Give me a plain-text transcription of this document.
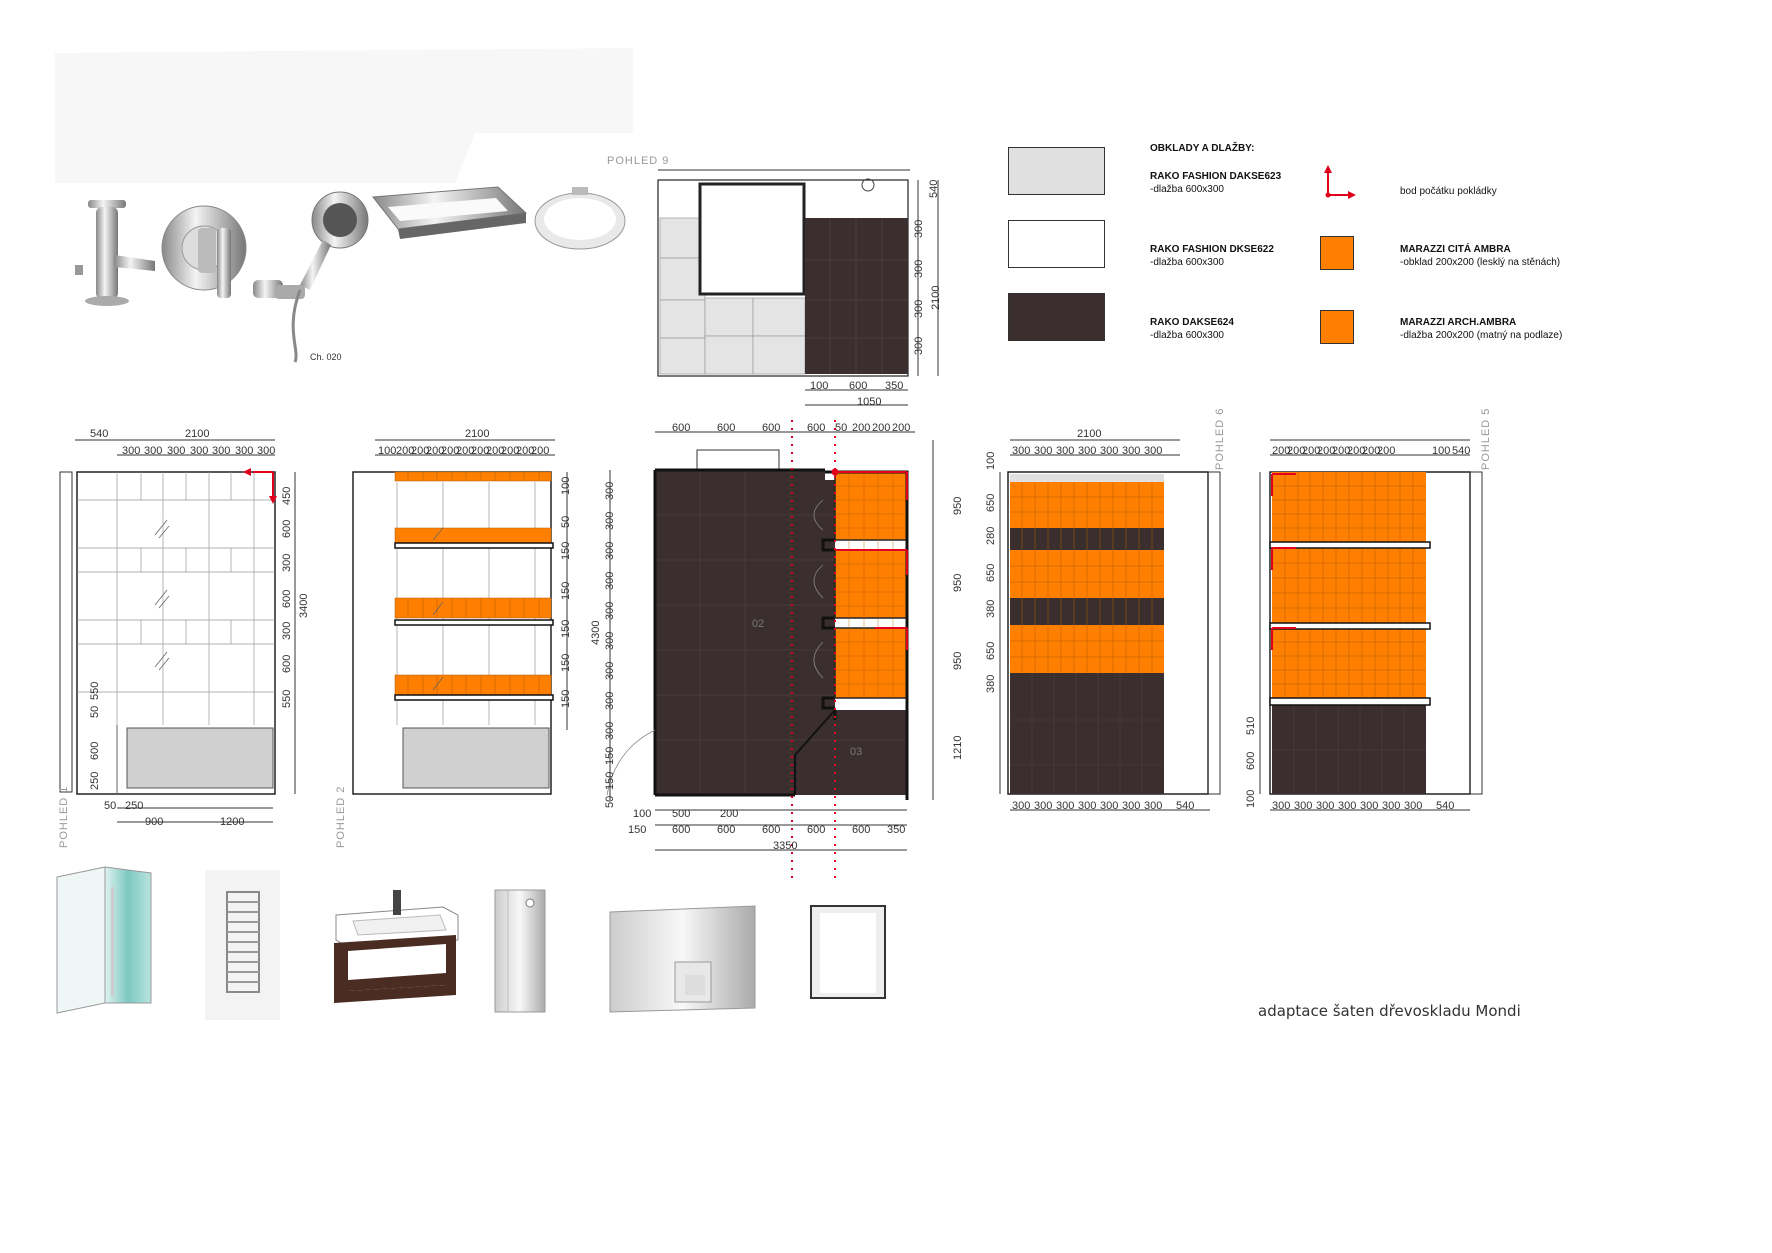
Ch. 020
POHLED 9
540
300
300
300
300
2100
100 600 350
1050
OBKLADY A DLAŽBY:
RAKO FASHION DAKSE623
-dlažba 600x300
RAKO FASHION DKSE622
-dlažba 600x300
RAKO DAKSE624
-dlažba 600x300
bod počátku pokládky
MARAZZI CITÁ AMBRA
-obklad 200x200 (lesklý na stěnách)
MARAZZI ARCH.AMBRA
-dlažba 200x200 (matný na podlaze)
540	2100
300 300 300 300 300 300 300
450
600
300
600
300
600
550
3400
550
50
600
250
50 250
900	1200
POHLED 1
2100
100 200
200
200
200
200
200
200
200
200
200
100
50
150
150
150
150
150
POHLED 2
02
03
600 600 600 600 50 200 200 200
4300
300
300
300
300
300
300
300
300
300
150
150
50
950
950
950
1210
100 500	200
150 600 600 600 600 600 350
3350
2100
300 300 300 300 300 300 300
100
650
280
650
380
650
380
300 300 300 300 300 300 300 540
POHLED 6	200
200
200
200
200
200
200
200	100 540
510
600
100 300 300 300 300 300 300 300 540
POHLED 5
adaptace šaten dřevoskladu Mondi
